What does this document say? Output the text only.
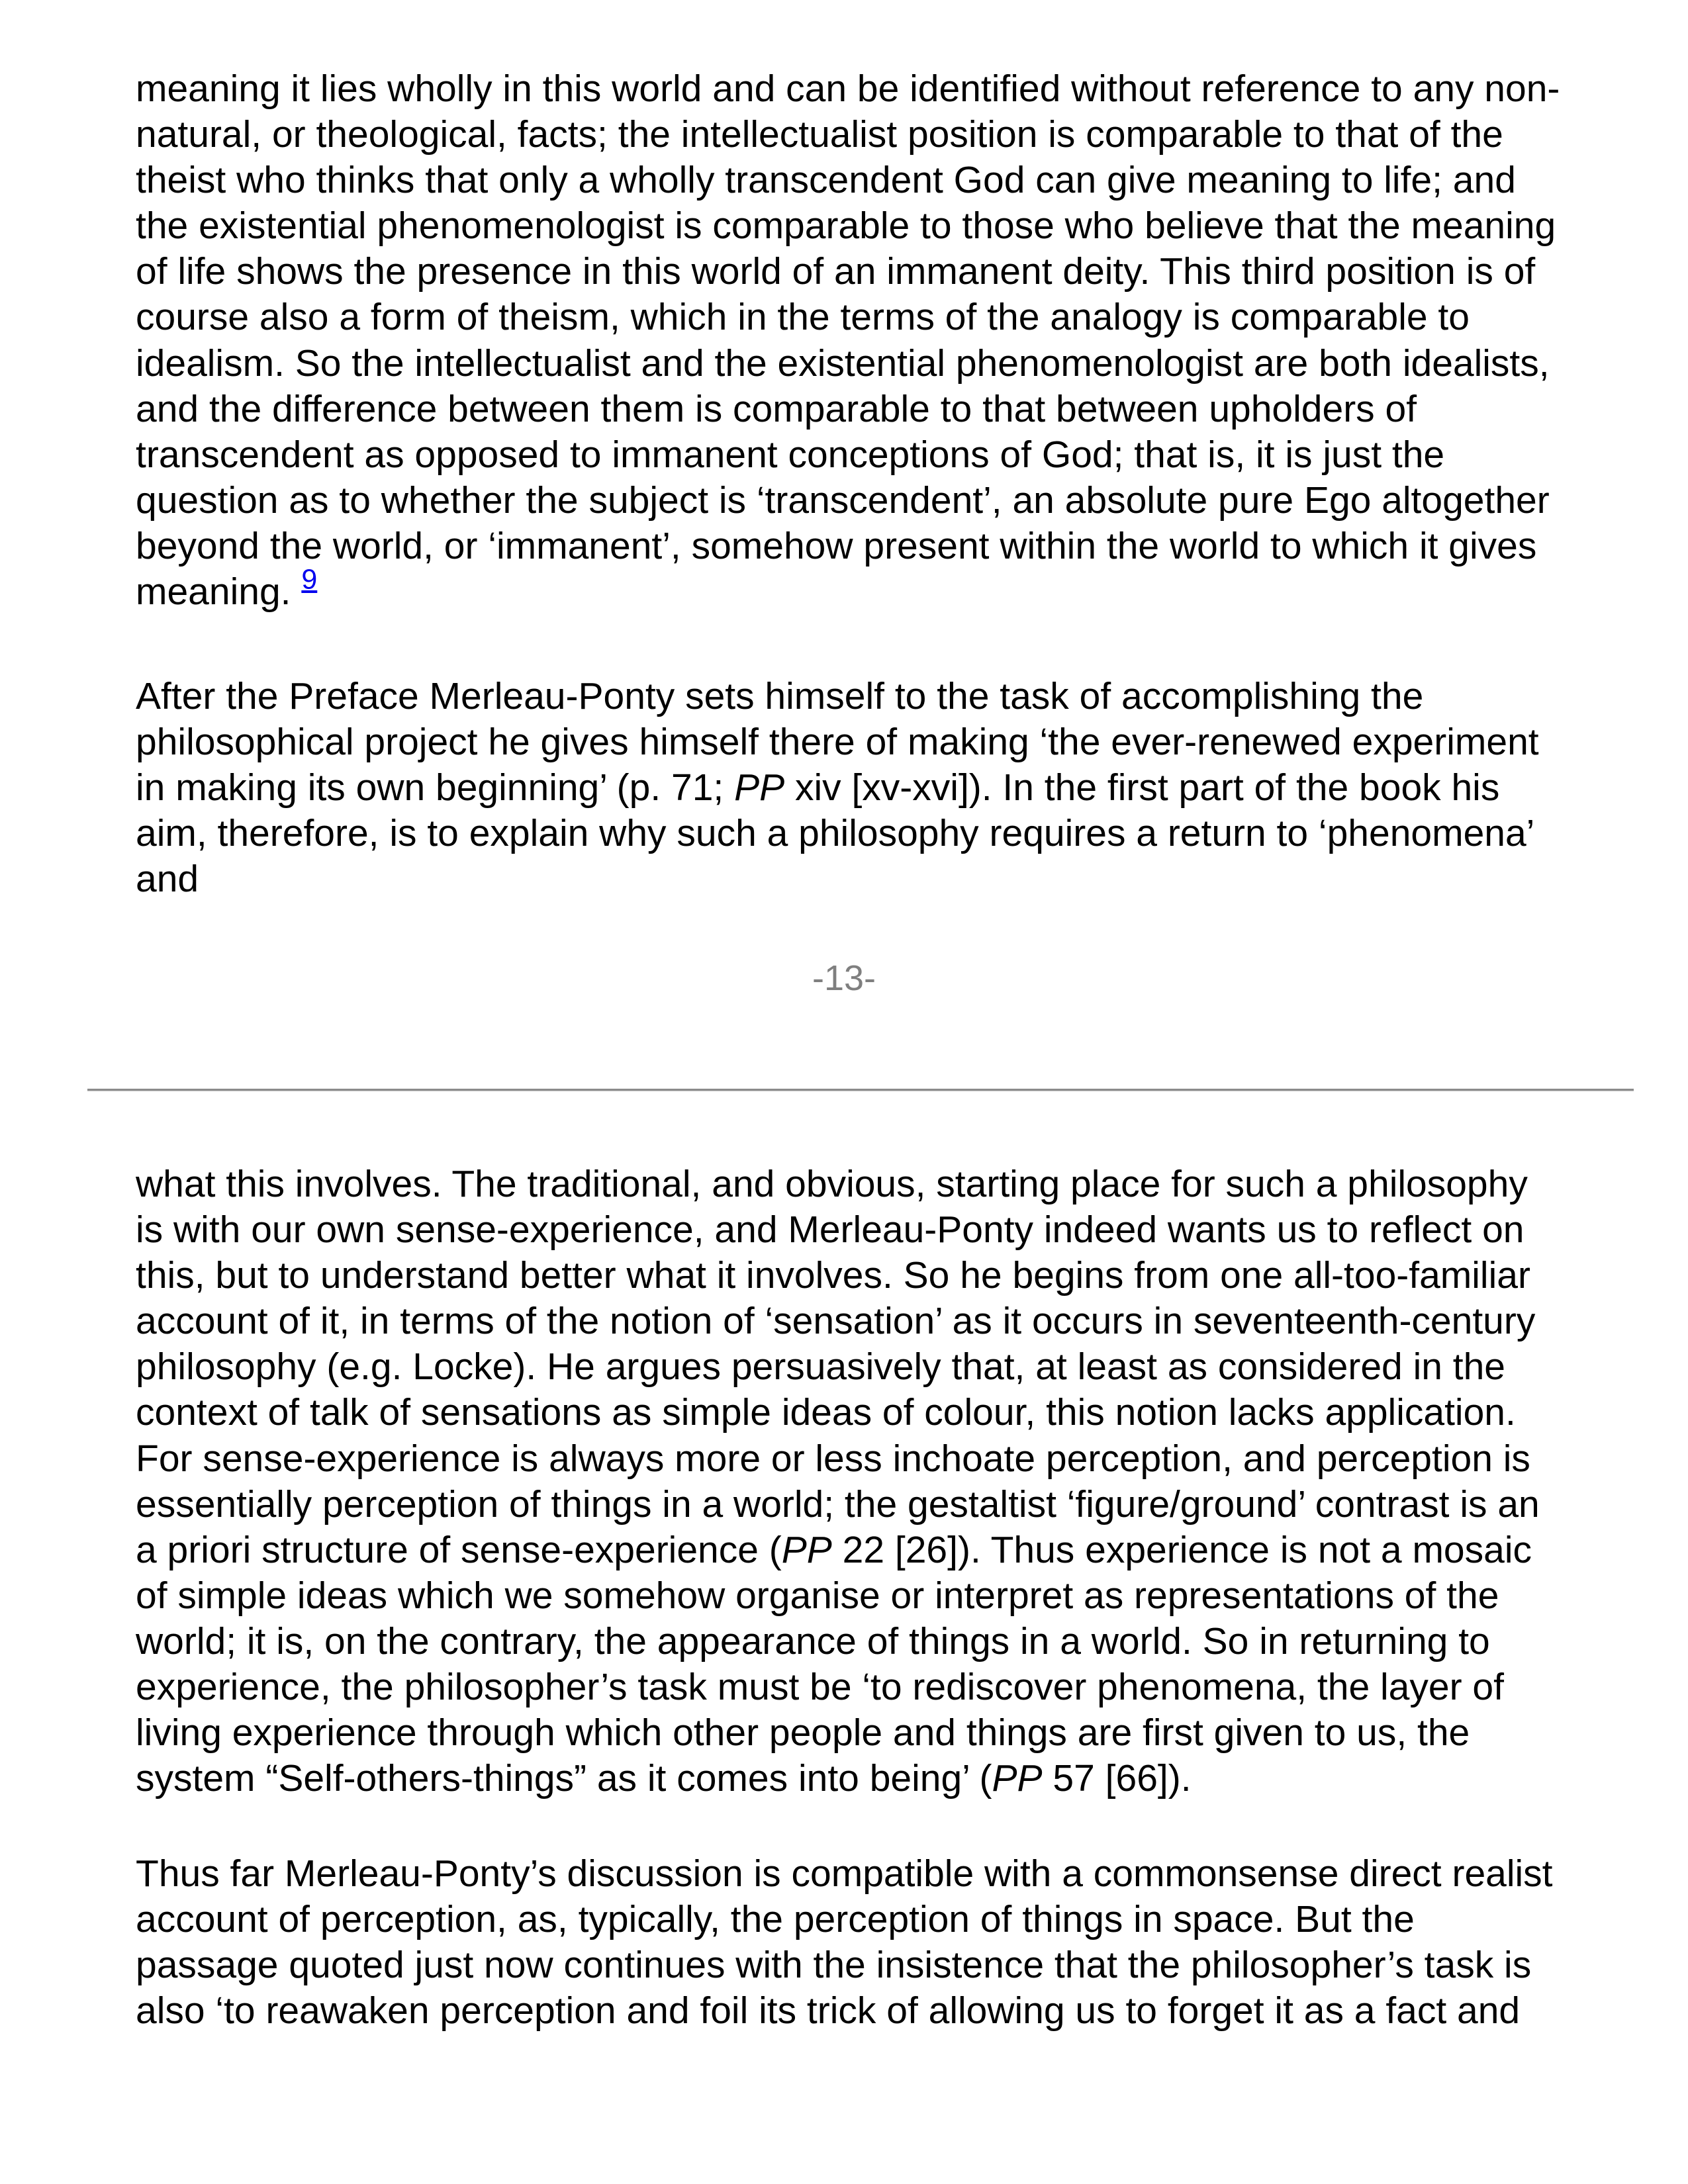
meaning it lies wholly in this world and can be identified without reference to any non-
natural, or theological, facts; the intellectualist position is comparable to that of the
theist who thinks that only a wholly transcendent God can give meaning to life; and
the existential phenomenologist is comparable to those who believe that the meaning
of life shows the presence in this world of an immanent deity. This third position is of
course also a form of theism, which in the terms of the analogy is comparable to
idealism. So the intellectualist and the existential phenomenologist are both idealists,
and the difference between them is comparable to that between upholders of
transcendent as opposed to immanent conceptions of God; that is, it is just the
question as to whether the subject is ‘transcendent’, an absolute pure Ego altogether
beyond the world, or ‘immanent’, somehow present within the world to which it gives
meaning. $^9$

After the Preface Merleau-Ponty sets himself to the task of accomplishing the
philosophical project he gives himself there of making ‘the ever-renewed experiment
in making its own beginning’ (p. 71; PP xiv [xv-xvi]). In the first part of the book his
aim, therefore, is to explain why such a philosophy requires a return to ‘phenomena’
and

-13-

what this involves. The traditional, and obvious, starting place for such a philosophy
is with our own sense-experience, and Merleau-Ponty indeed wants us to reflect on
this, but to understand better what it involves. So he begins from one all-too-familiar
account of it, in terms of the notion of ‘sensation’ as it occurs in seventeenth-century
philosophy (e.g. Locke). He argues persuasively that, at least as considered in the
context of talk of sensations as simple ideas of colour, this notion lacks application.
For sense-experience is always more or less inchoate perception, and perception is
essentially perception of things in a world; the gestaltist ‘figure/ground’ contrast is an
a priori structure of sense-experience (PP 22 [26]). Thus experience is not a mosaic
of simple ideas which we somehow organise or interpret as representations of the
world; it is, on the contrary, the appearance of things in a world. So in returning to
experience, the philosopher’s task must be ‘to rediscover phenomena, the layer of
living experience through which other people and things are first given to us, the
system “Self-others-things” as it comes into being’ (PP 57 [66]).

Thus far Merleau-Ponty’s discussion is compatible with a commonsense direct realist
account of perception, as, typically, the perception of things in space. But the
passage quoted just now continues with the insistence that the philosopher’s task is
also ‘to reawaken perception and foil its trick of allowing us to forget it as a fact and
